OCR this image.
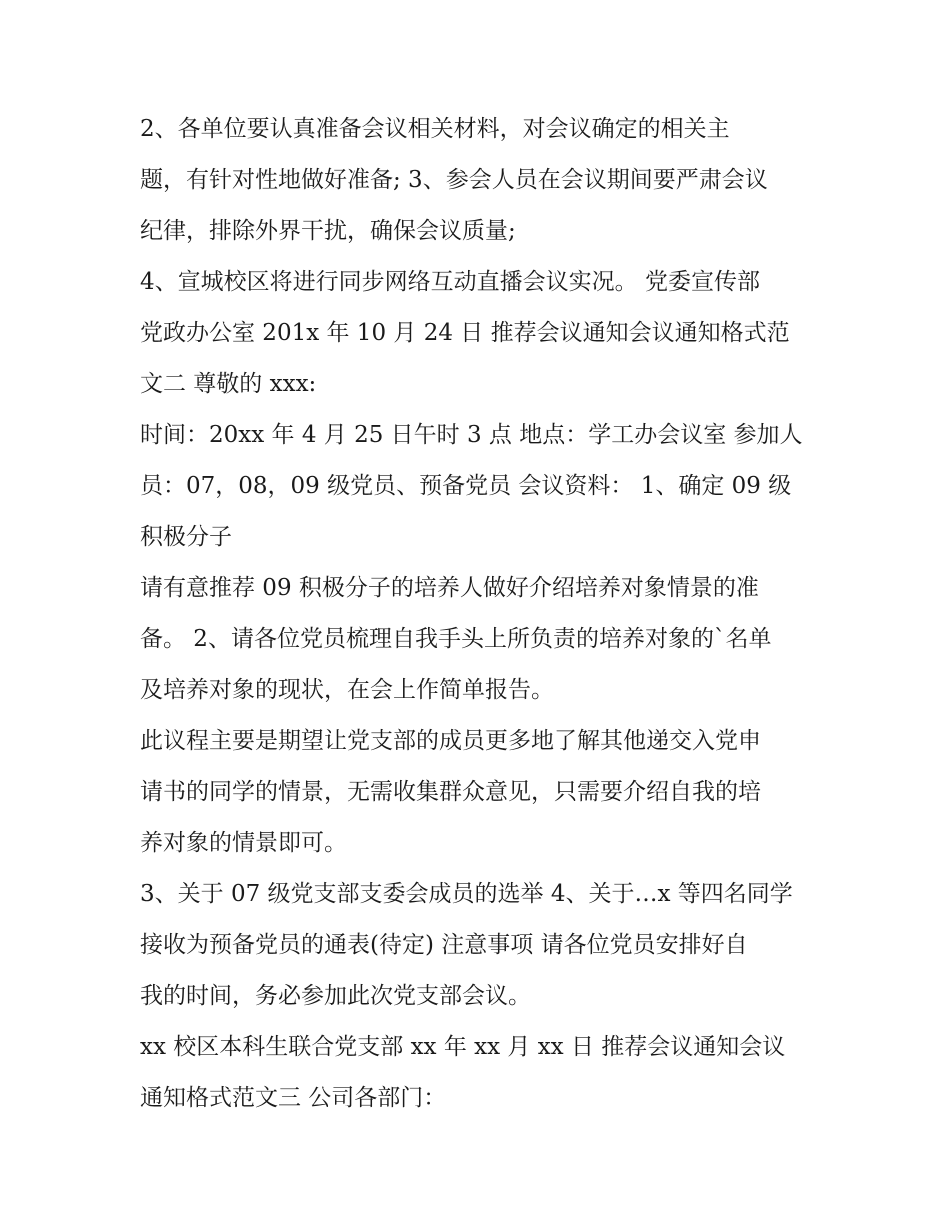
2、各单位要认真准备会议相关材料，对会议确定的相关主
题，有针对性地做好准备; 3、参会人员在会议期间要严肃会议
纪律，排除外界干扰，确保会议质量;
4、宣城校区将进行同步网络互动直播会议实况。 党委宣传部
党政办公室 201x 年 10 月 24 日 推荐会议通知会议通知格式范
文二 尊敬的 xxx:
时间：20xx 年 4 月 25 日午时 3 点 地点：学工办会议室 参加人
员：07，08，09 级党员、预备党员 会议资料： 1、确定 09 级
积极分子
请有意推荐 09 积极分子的培养人做好介绍培养对象情景的准
备。 2、请各位党员梳理自我手头上所负责的培养对象的`名单
及培养对象的现状，在会上作简单报告。
此议程主要是期望让党支部的成员更多地了解其他递交入党申
请书的同学的情景，无需收集群众意见，只需要介绍自我的培
养对象的情景即可。
3、关于 07 级党支部支委会成员的选举 4、关于…x 等四名同学
接收为预备党员的通表(待定) 注意事项 请各位党员安排好自
我的时间，务必参加此次党支部会议。
xx 校区本科生联合党支部 xx 年 xx 月 xx 日 推荐会议通知会议
通知格式范文三 公司各部门：
